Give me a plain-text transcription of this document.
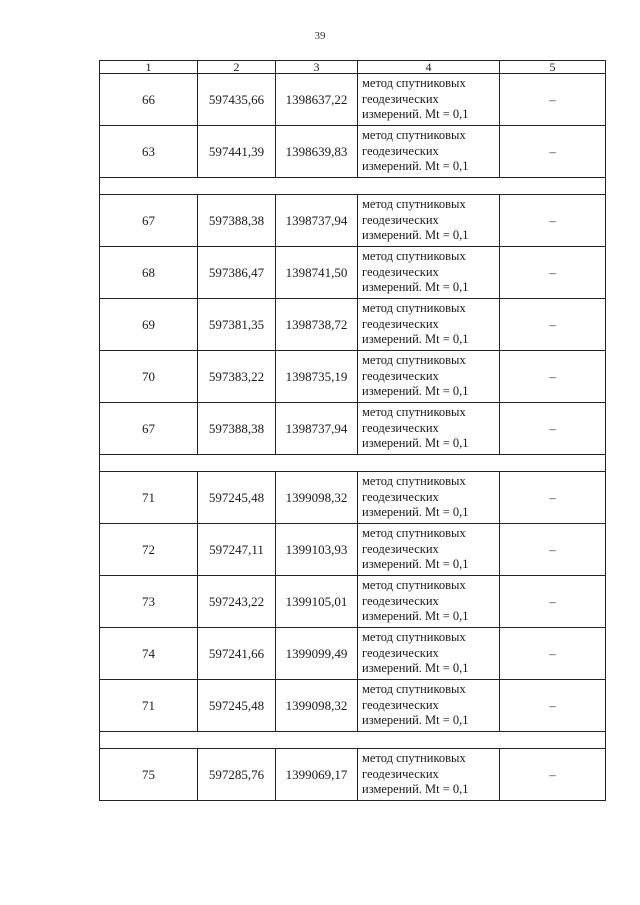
39
1	2	3	4	5
66	597435,66	1398637,22	метод спутниковых
геодезических
измерений. Mt = 0,1	–
63	597441,39	1398639,83	метод спутниковых
геодезических
измерений. Mt = 0,1	–

67	597388,38	1398737,94	метод спутниковых
геодезических
измерений. Mt = 0,1	–
68	597386,47	1398741,50	метод спутниковых
геодезических
измерений. Mt = 0,1	–
69	597381,35	1398738,72	метод спутниковых
геодезических
измерений. Mt = 0,1	–
70	597383,22	1398735,19	метод спутниковых
геодезических
измерений. Mt = 0,1	–
67	597388,38	1398737,94	метод спутниковых
геодезических
измерений. Mt = 0,1	–

71	597245,48	1399098,32	метод спутниковых
геодезических
измерений. Mt = 0,1	–
72	597247,11	1399103,93	метод спутниковых
геодезических
измерений. Mt = 0,1	–
73	597243,22	1399105,01	метод спутниковых
геодезических
измерений. Mt = 0,1	–
74	597241,66	1399099,49	метод спутниковых
геодезических
измерений. Mt = 0,1	–
71	597245,48	1399098,32	метод спутниковых
геодезических
измерений. Mt = 0,1	–

75	597285,76	1399069,17	метод спутниковых
геодезических
измерений. Mt = 0,1	–
